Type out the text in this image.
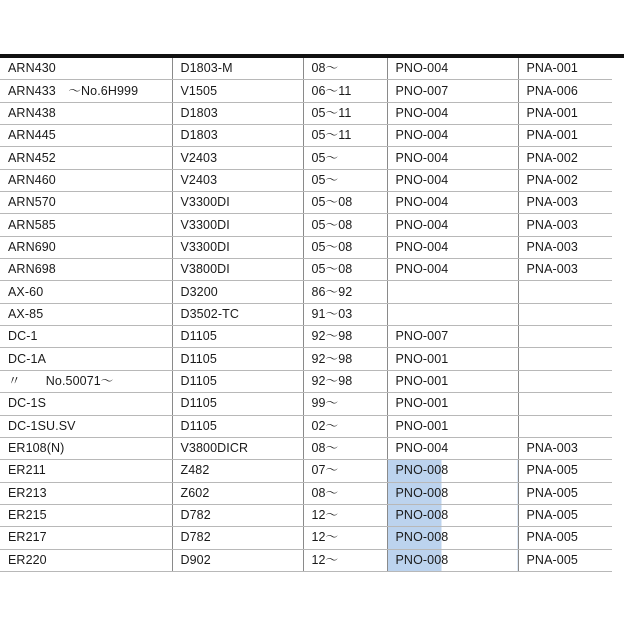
ARN430	D1803-M	08～	PNO-004	PNA-001
ARN433　～No.6H999	V1505	06～11	PNO-007	PNA-006
ARN438	D1803	05～11	PNO-004	PNA-001
ARN445	D1803	05～11	PNO-004	PNA-001
ARN452	V2403	05～	PNO-004	PNA-002
ARN460	V2403	05～	PNO-004	PNA-002
ARN570	V3300DI	05～08	PNO-004	PNA-003
ARN585	V3300DI	05～08	PNO-004	PNA-003
ARN690	V3300DI	05～08	PNO-004	PNA-003
ARN698	V3800DI	05～08	PNO-004	PNA-003
AX-60	D3200	86～92		
AX-85	D3502-TC	91～03		
DC-1	D1105	92～98	PNO-007	
DC-1A	D1105	92～98	PNO-001	
〃　　No.50071～	D1105	92～98	PNO-001	
DC-1S	D1105	99～	PNO-001	
DC-1SU.SV	D1105	02～	PNO-001	
ER108(N)	V3800DICR	08～	PNO-004	PNA-003
ER211	Z482	07～	PNO-008	PNA-005
ER213	Z602	08～	PNO-008	PNA-005
ER215	D782	12～	PNO-008	PNA-005
ER217	D782	12～	PNO-008	PNA-005
ER220	D902	12～	PNO-008	PNA-005
